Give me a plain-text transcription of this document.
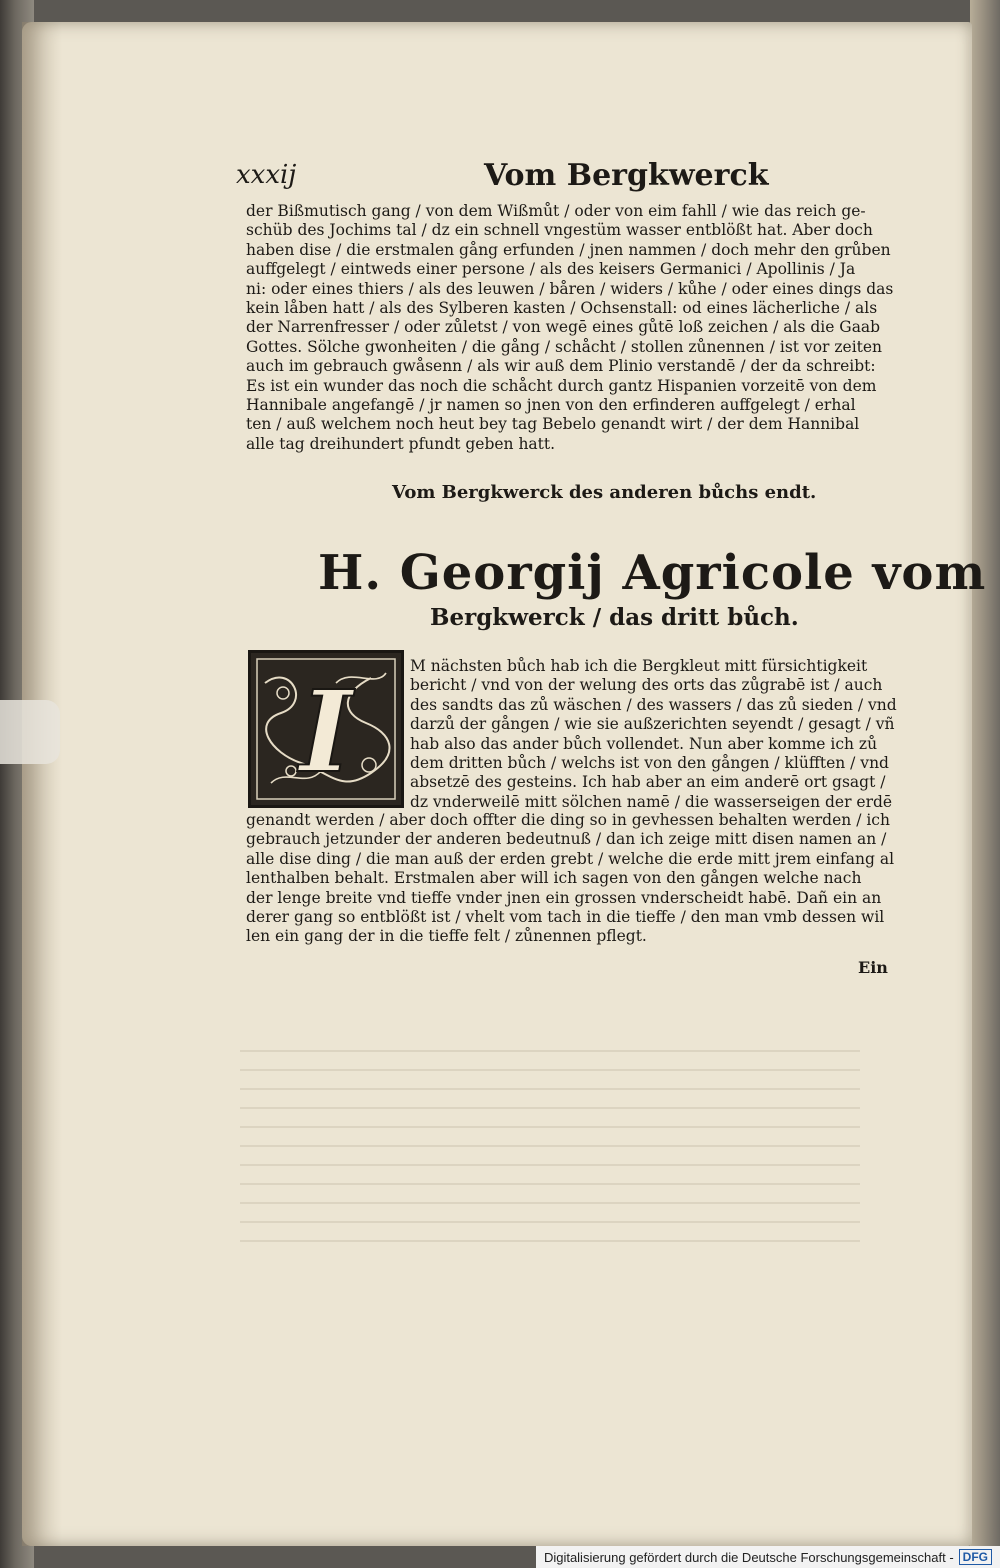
xxxij	Vom Bergkwerck
der Bißmutisch gang / von dem Wißmůt / oder von eim fahll / wie das reich ge-
schüb des Jochims tal / dz ein schnell vngestüm wasser entblößt hat. Aber doch
haben dise / die erstmalen gång erfunden / jnen nammen / doch mehr den grůben
auffgelegt / eintweds einer persone / als des keisers Germanici / Apollinis / Ja
ni: oder eines thiers / als des leuwen / båren / widers / kůhe / oder eines dings das
kein låben hatt / als des Sylberen kasten / Ochsenstall: od eines lächerliche / als
der Narrenfresser / oder zůletst / von wegē eines gůtē loß zeichen / als die Gaab
Gottes. Sölche gwonheiten / die gång / schåcht / stollen zůnennen / ist vor zeiten
auch im gebrauch gwåsenn / als wir auß dem Plinio verstandē / der da schreibt:
Es ist ein wunder das noch die schåcht durch gantz Hispanien vorzeitē von dem
Hannibale angefangē / jr namen so jnen von den erfinderen auffgelegt / erhal
ten / auß welchem noch heut bey tag Bebelo genandt wirt / der dem Hannibal
alle tag dreihundert pfundt geben hatt.
Vom Bergkwerck des anderen bůchs endt.
H. Georgij Agricole vom
Bergkwerck / das dritt bůch.
I
M nächsten bůch hab ich die Bergkleut mitt fürsichtigkeit
bericht / vnd von der welung des orts das zůgrabē ist / auch
des sandts das zů wäschen / des wassers / das zů sieden / vnd
darzů der gången / wie sie außzerichten seyendt / gesagt / vñ
hab also das ander bůch vollendet. Nun aber komme ich zů
dem dritten bůch / welchs ist von den gången / klüfften / vnd
absetzē des gesteins. Ich hab aber an eim anderē ort gsagt /
dz vnderweilē mitt sölchen namē / die wasserseigen der erdē
genandt werden / aber doch offter die ding so in gevhessen behalten werden / ich
gebrauch jetzunder der anderen bedeutnuß / dan ich zeige mitt disen namen an /
alle dise ding / die man auß der erden grebt / welche die erde mitt jrem einfang al
lenthalben behalt. Erstmalen aber will ich sagen von den gången welche nach
der lenge breite vnd tieffe vnder jnen ein grossen vnderscheidt habē. Dañ ein an
derer gang so entblößt ist / vhelt vom tach in die tieffe / den man vmb dessen wil
len ein gang der in die tieffe felt / zůnennen pflegt.
Ein
Digitalisierung gefördert durch die Deutsche Forschungsgemeinschaft - DFG
